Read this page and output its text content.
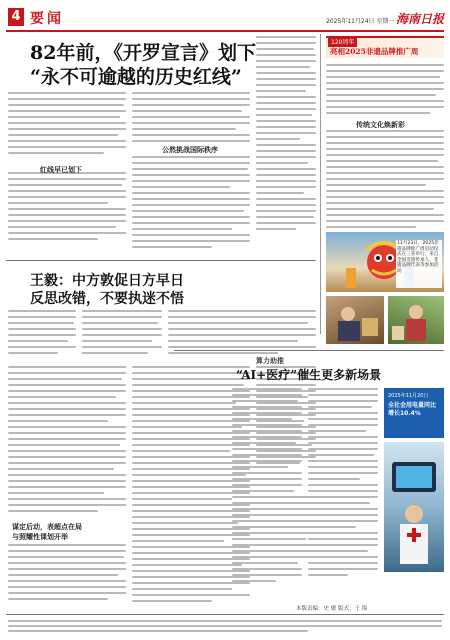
4 要闻	2025年11月24日 星期一 海南日报
82年前，《开罗宣言》划下
“永不可逾越的历史红线”
红线早已划下
公然挑战国际秩序
王毅：中方敦促日方早日
反思改错，不要执迷不悟
谋定后动，表超点在局
与照耀性课划开举
120周年
亮相2025非遗品牌推广周
传统文化焕新彩
11月23日，2025非遗品牌推广周启动仪式在三亚举行，来自全国非遗传承人、非遗品牌代表等参加活动
算力助推
“AI+医疗”催生更多新场景
2025年11月20日
全社会用电量同比增长10.4%
本版责编：史 敏 版式：王 锦
